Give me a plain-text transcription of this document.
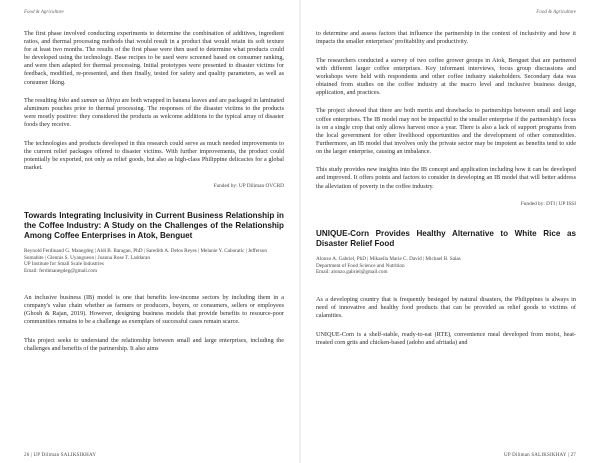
Food & Agriculture

The first phase involved conducting experiments to determine the combination of additives, ingredient ratios, and thermal processing methods that would result in a product that would retain its soft texture for at least two months. The results of the first phase were then used to determine what products could be developed using the technology. Base recipes to be used were screened based on consumer ranking, and were then adapted for thermal processing. Initial prototypes were presented to disaster victims for feedback, modified, re-presented, and then finally, tested for safety and quality parameters, as well as consumer liking.

The resulting biko and suman sa lihiya are both wrapped in banana leaves and are packaged in laminated aluminum pouches prior to thermal processing. The responses of the disaster victims to the products were mostly positive: they considered the products as welcome additions to the typical array of disaster foods they receive.

The technologies and products developed in this research could serve as much needed improvements to the current relief packages offered to disaster victims. With further improvements, the product could potentially be exported, not only as relief goods, but also as high-class Philippine delicacies for a global market.

Funded by: UP Diliman OVCRD
Towards Integrating Inclusivity in Current Business Relationship in the Coffee Industry: A Study on the Challenges of the Relationship Among Coffee Enterprises in Atok, Benguet
Reynold Ferdinand G. Manegdeg | Aldi B. Baragan, PhD | Saredith A. Delos Reyes | Melanie Y. Caboratic | Jefferson Sumabite | Glennis S. Uyangueon | Joanna Rose T. Laddaran
UP Institute for Small Scale Industries
Email: ferdimanegdeg@gmail.com

An inclusive business (IB) model is one that benefits low-income sectors by including them in a company's value chain whether as farmers or producers, buyers, or consumers, sellers or employees (Ghosh & Rajan, 2019). However, designing business models that provide benefits to resource-poor communities remains to be a challenge as exemplars of successful cases remain scarce.

This project seeks to understand the relationship between small and large enterprises, including the challenges and benefits of the partnership. It also aims

26 | UP Diliman SALIKSIKHAY
Food & Agriculture

to determine and assess factors that influence the partnership in the context of inclusivity and how it impacts the smaller enterprises' profitability and productivity.

The researchers conducted a survey of two coffee grower groups in Atok, Benguet that are partnered with different larger coffee enterprises. Key informant interviews, focus group discussions and workshops were held with respondents and other coffee industry stakeholders. Secondary data was obtained from studies on the coffee industry at the macro level and inclusive business design, application, and practices.

The project showed that there are both merits and drawbacks to partnerships between small and large coffee enterprises. The IB model may not be impactful to the smaller enterprise if the partnership's focus is on a single crop that only allows harvest once a year. There is also a lack of support programs from the local government for other livelihood opportunities and the development of other commodities. Furthermore, an IB model that involves only the private sector may be impotent as benefits tend to side on the larger enterprise, causing an imbalance.

This study provides new insights into the IB concept and application including how it can be developed and improved. It offers points and factors to consider in developing an IB model that will better address the alleviation of poverty in the coffee industry.

Funded by: DTI | UP ISSI
UNIQUE-Corn Provides Healthy Alternative to White Rice as Disaster Relief Food
Alonzo A. Gabriel, PhD | Mikaella Marie C. David | Michael B. Salas
Department of Food Science and Nutrition
Email: alonzo.gabriel@gmail.com

As a developing country that is frequently besieged by natural disasters, the Philippines is always in need of innovative and healthy food products that can be provided as relief goods to victims of calamities.

UNIQUE-Corn is a shelf-stable, ready-to-eat (RTE), convenience meal developed from moist, heat-treated corn grits and chicken-based (adobo and afritada) and

UP Diliman SALIKSIKHAY | 27
